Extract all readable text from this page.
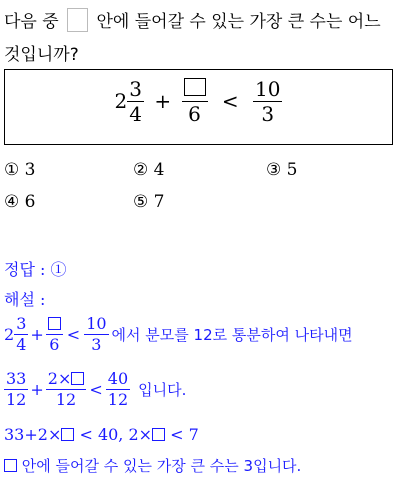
다음 중 안에 들어갈 수 있는 가장 큰 수는 어느
것입니까?
$2 \frac{3}{4}$ +
6
< $\frac{10}{3}$
① 3	② 4	③ 5
④ 6	⑤ 7
정답 : ①
해설 :
$2 \frac{3}{4}$ +
6
< $\frac{10}{3}$ 에서 분모를 12로 통분하여 나타내면
$\frac{33}{12} + \frac{2\times}{12} < \frac{40}{12}$ 입니다.
33+2× < 40, 2× < 7
안에 들어갈 수 있는 가장 큰 수는 3입니다.
